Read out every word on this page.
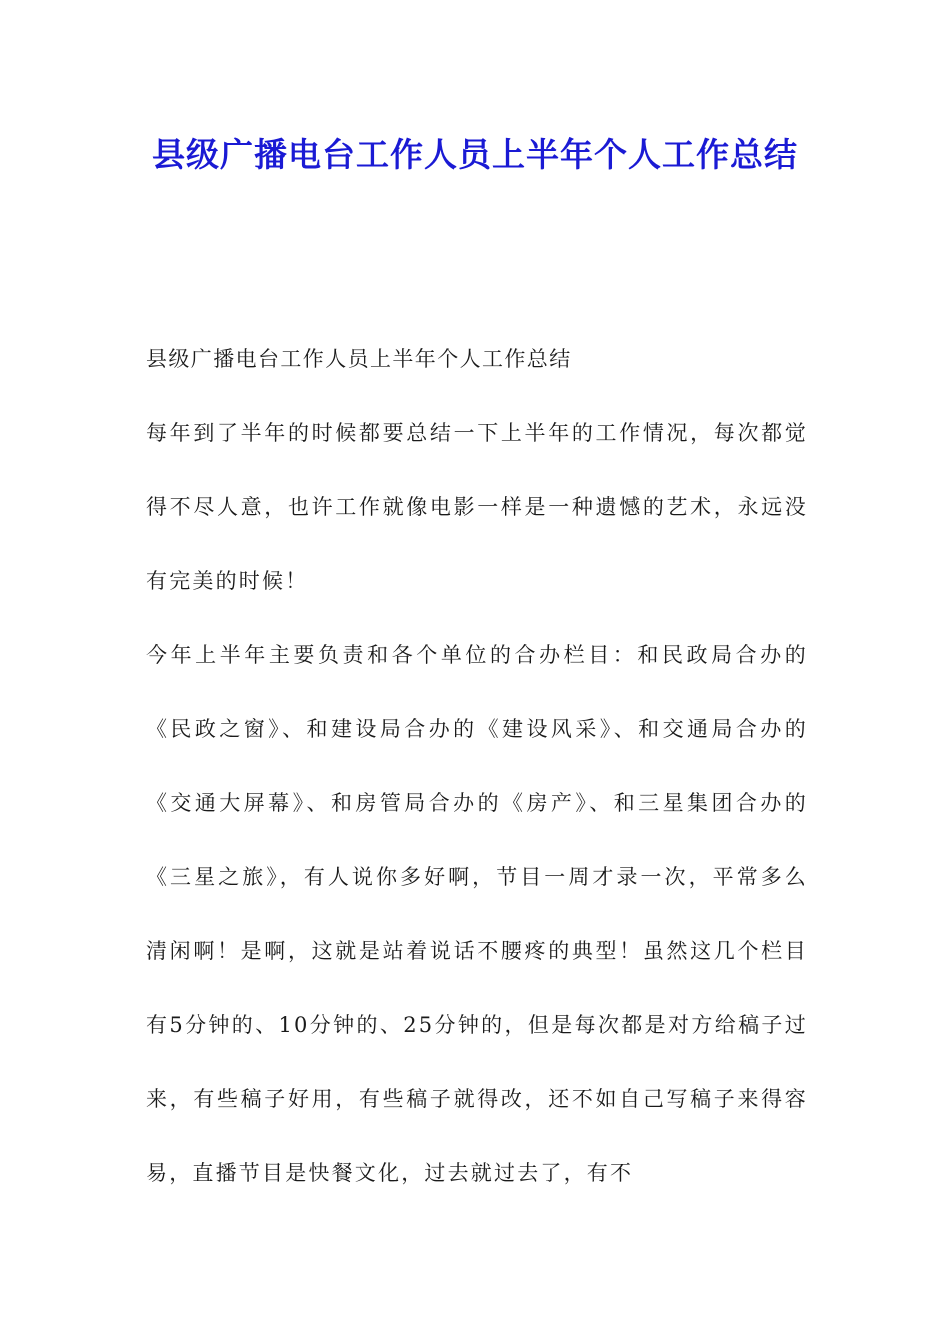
县级广播电台工作人员上半年个人工作总结

县级广播电台工作人员上半年个人工作总结

每年到了半年的时候都要总结一下上半年的工作情况，每次都觉得不尽人意，也许工作就像电影一样是一种遗憾的艺术，永远没有完美的时候！

今年上半年主要负责和各个单位的合办栏目：和民政局合办的《民政之窗》、和建设局合办的《建设风采》、和交通局合办的《交通大屏幕》、和房管局合办的《房产》、和三星集团合办的《三星之旅》，有人说你多好啊，节目一周才录一次，平常多么清闲啊！是啊，这就是站着说话不腰疼的典型！虽然这几个栏目有5分钟的、10分钟的、25分钟的，但是每次都是对方给稿子过来，有些稿子好用，有些稿子就得改，还不如自己写稿子来得容易，直播节目是快餐文化，过去就过去了，有不
